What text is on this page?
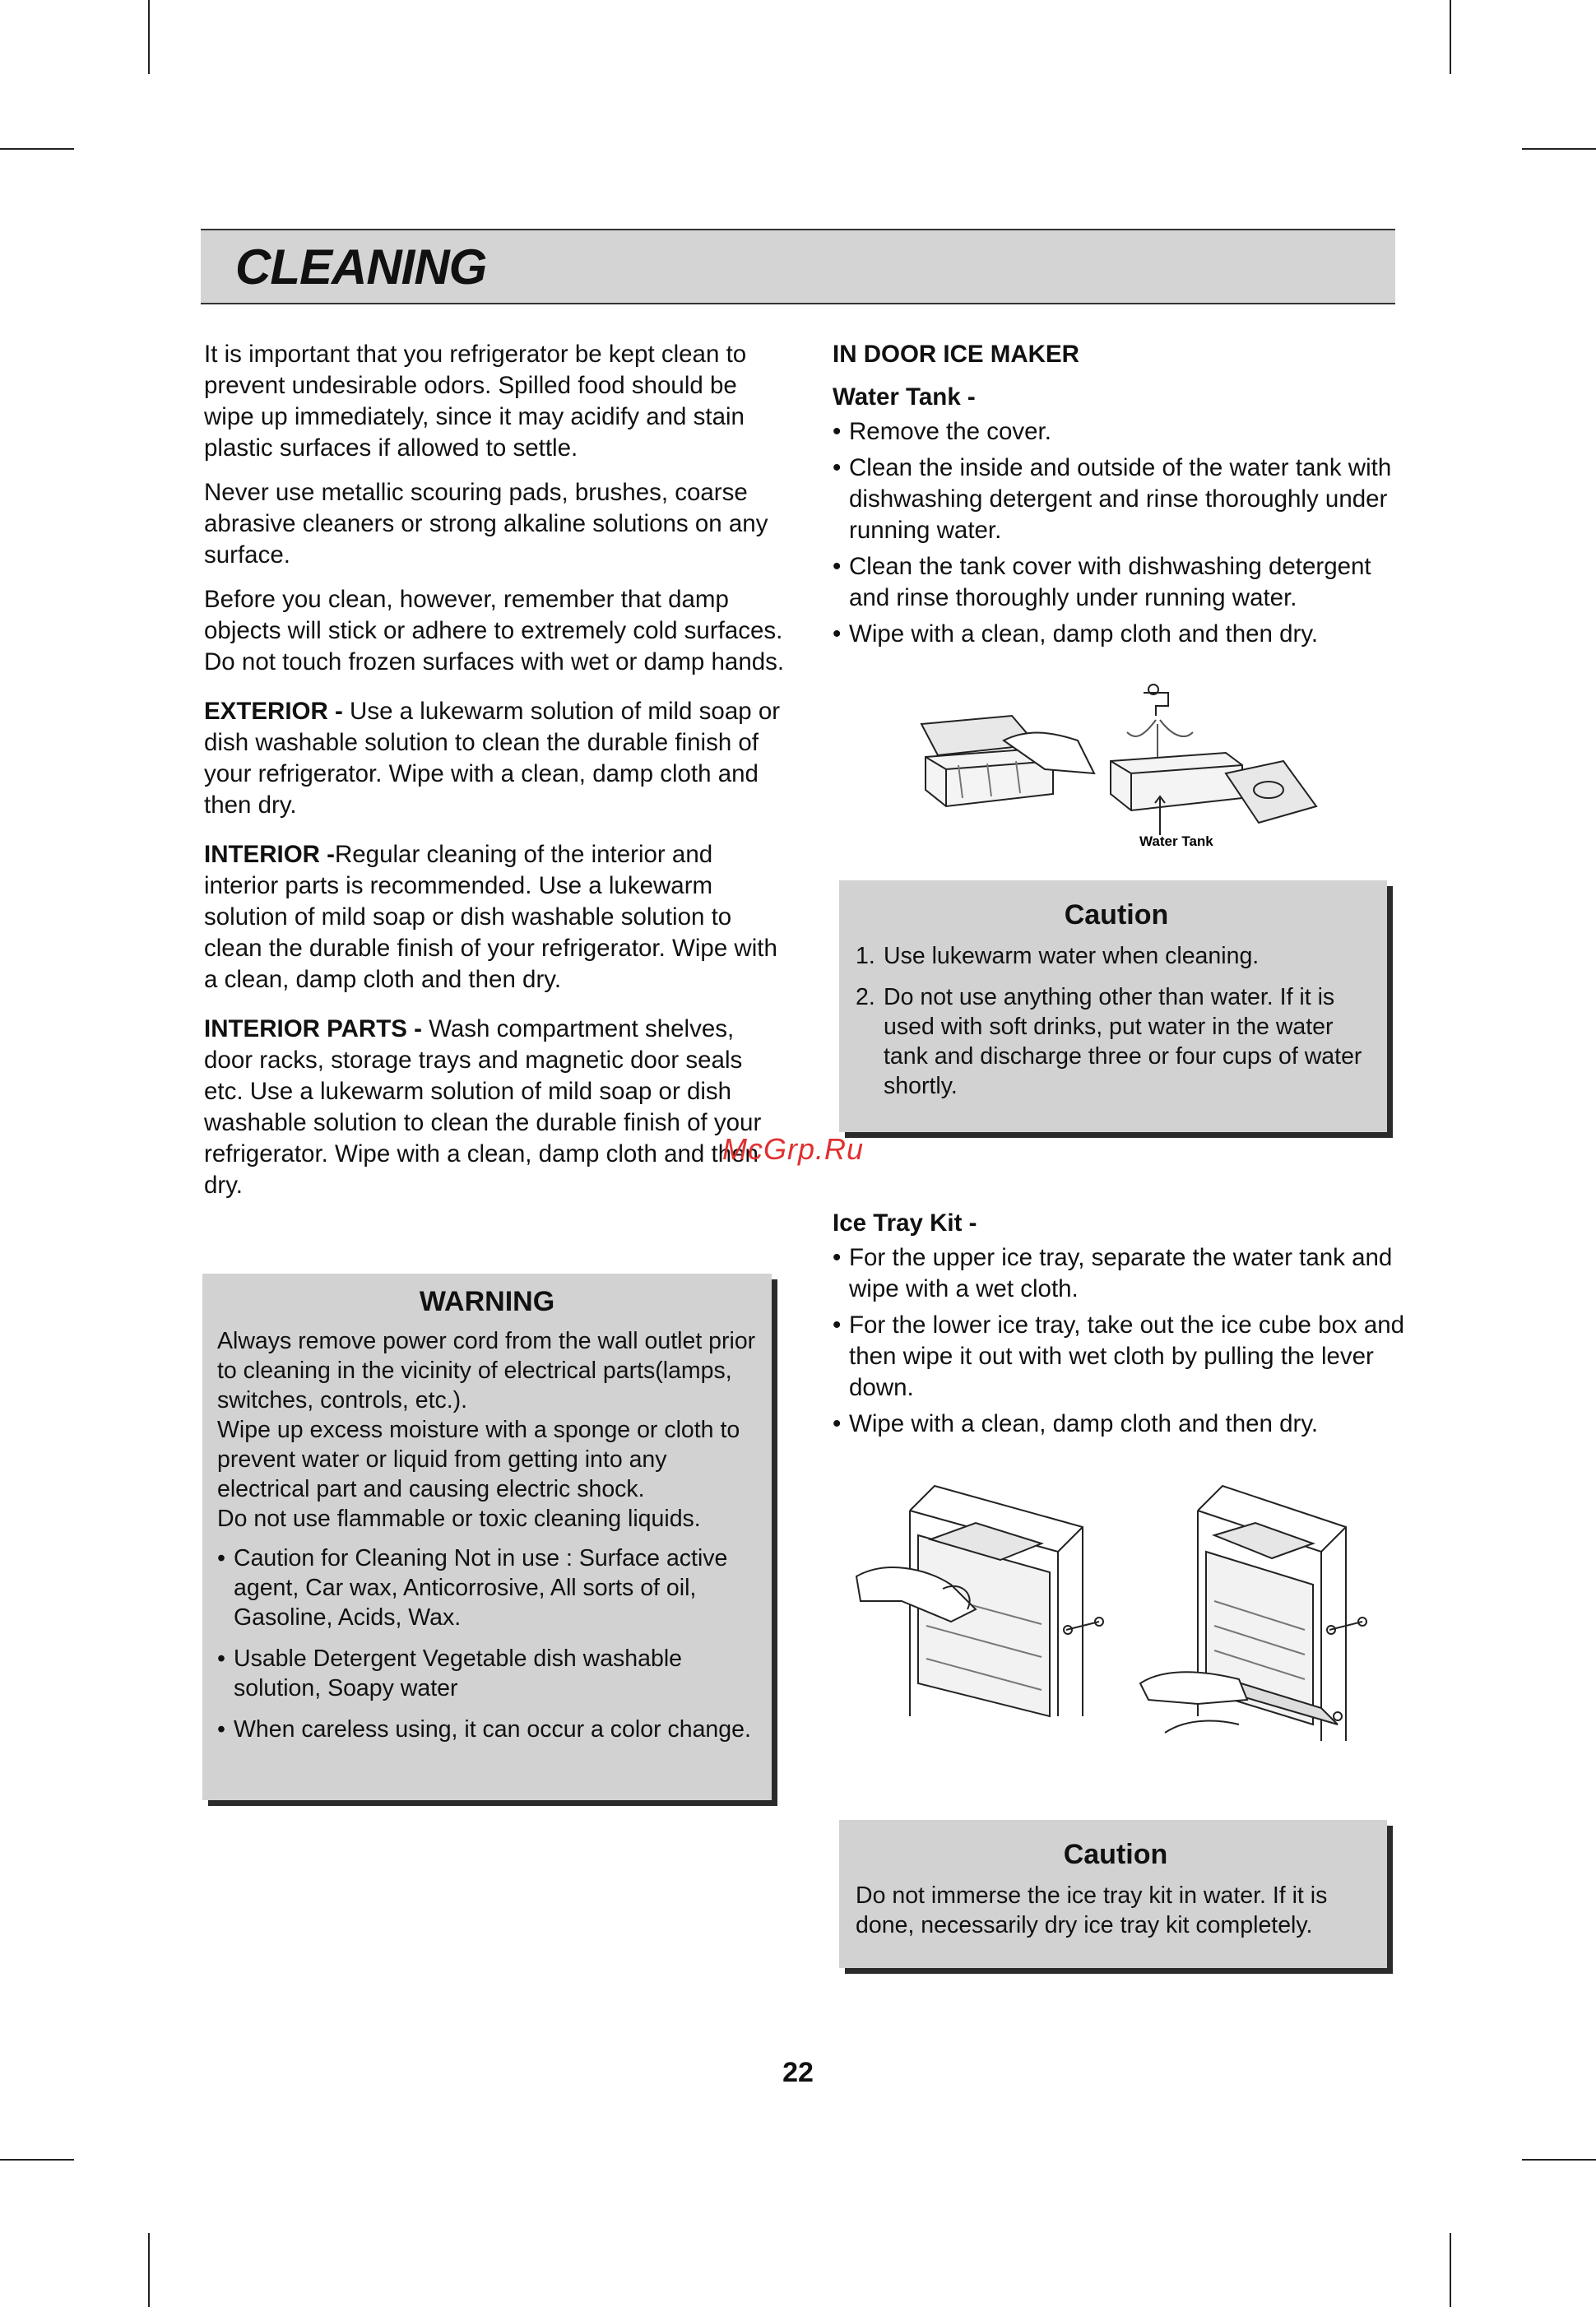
CLEANING

It is important that you refrigerator be kept clean to prevent undesirable odors. Spilled food should be wipe up immediately, since it may acidify and stain plastic surfaces if allowed to settle.

Never use metallic scouring pads, brushes, coarse abrasive cleaners or strong alkaline solutions on any surface.

Before you clean, however, remember that damp objects will stick or adhere to extremely cold surfaces. Do not touch frozen surfaces with wet or damp hands.

EXTERIOR - Use a lukewarm solution of mild soap or dish washable solution to clean the durable finish of your refrigerator. Wipe with a clean, damp cloth and then dry.

INTERIOR -Regular cleaning of the interior and interior parts is recommended. Use a lukewarm solution of mild soap or dish washable solution to clean the durable finish of your refrigerator. Wipe with a clean, damp cloth and then dry.

INTERIOR PARTS - Wash compartment shelves, door racks, storage trays and magnetic door seals etc. Use a lukewarm solution of mild soap or dish washable solution to clean the durable finish of your refrigerator. Wipe with a clean, damp cloth and then dry.

WARNING

Always remove power cord from the wall outlet prior to cleaning in the vicinity of electrical parts(lamps, switches, controls, etc.).

Wipe up excess moisture with a sponge or cloth to prevent water or liquid from getting into any electrical part and causing electric shock.

Do not use flammable or toxic cleaning liquids.

• Caution for Cleaning Not in use : Surface active agent, Car wax, Anticorrosive, All sorts of oil, Gasoline, Acids, Wax.
• Usable Detergent Vegetable dish washable solution, Soapy water
• When careless using, it can occur a color change.
IN DOOR ICE MAKER
Water Tank -
• Remove the cover.
• Clean the inside and outside of the water tank with dishwashing detergent and rinse thoroughly under running water.
• Clean the tank cover with dishwashing detergent and rinse thoroughly under running water.
• Wipe with a clean, damp cloth and then dry.
Water Tank
Caution
1. Use lukewarm water when cleaning.
2. Do not use anything other than water. If it is used with soft drinks, put water in the water tank and discharge three or four cups of water shortly.
McGrp.Ru
Ice Tray Kit -
• For the upper ice tray, separate the water tank and wipe with a wet cloth.
• For the lower ice tray, take out the ice cube box and then wipe it out with wet cloth by pulling the lever down.
• Wipe with a clean, damp cloth and then dry.
Caution

Do not immerse the ice tray kit in water. If it is done, necessarily dry ice tray kit completely.

22
